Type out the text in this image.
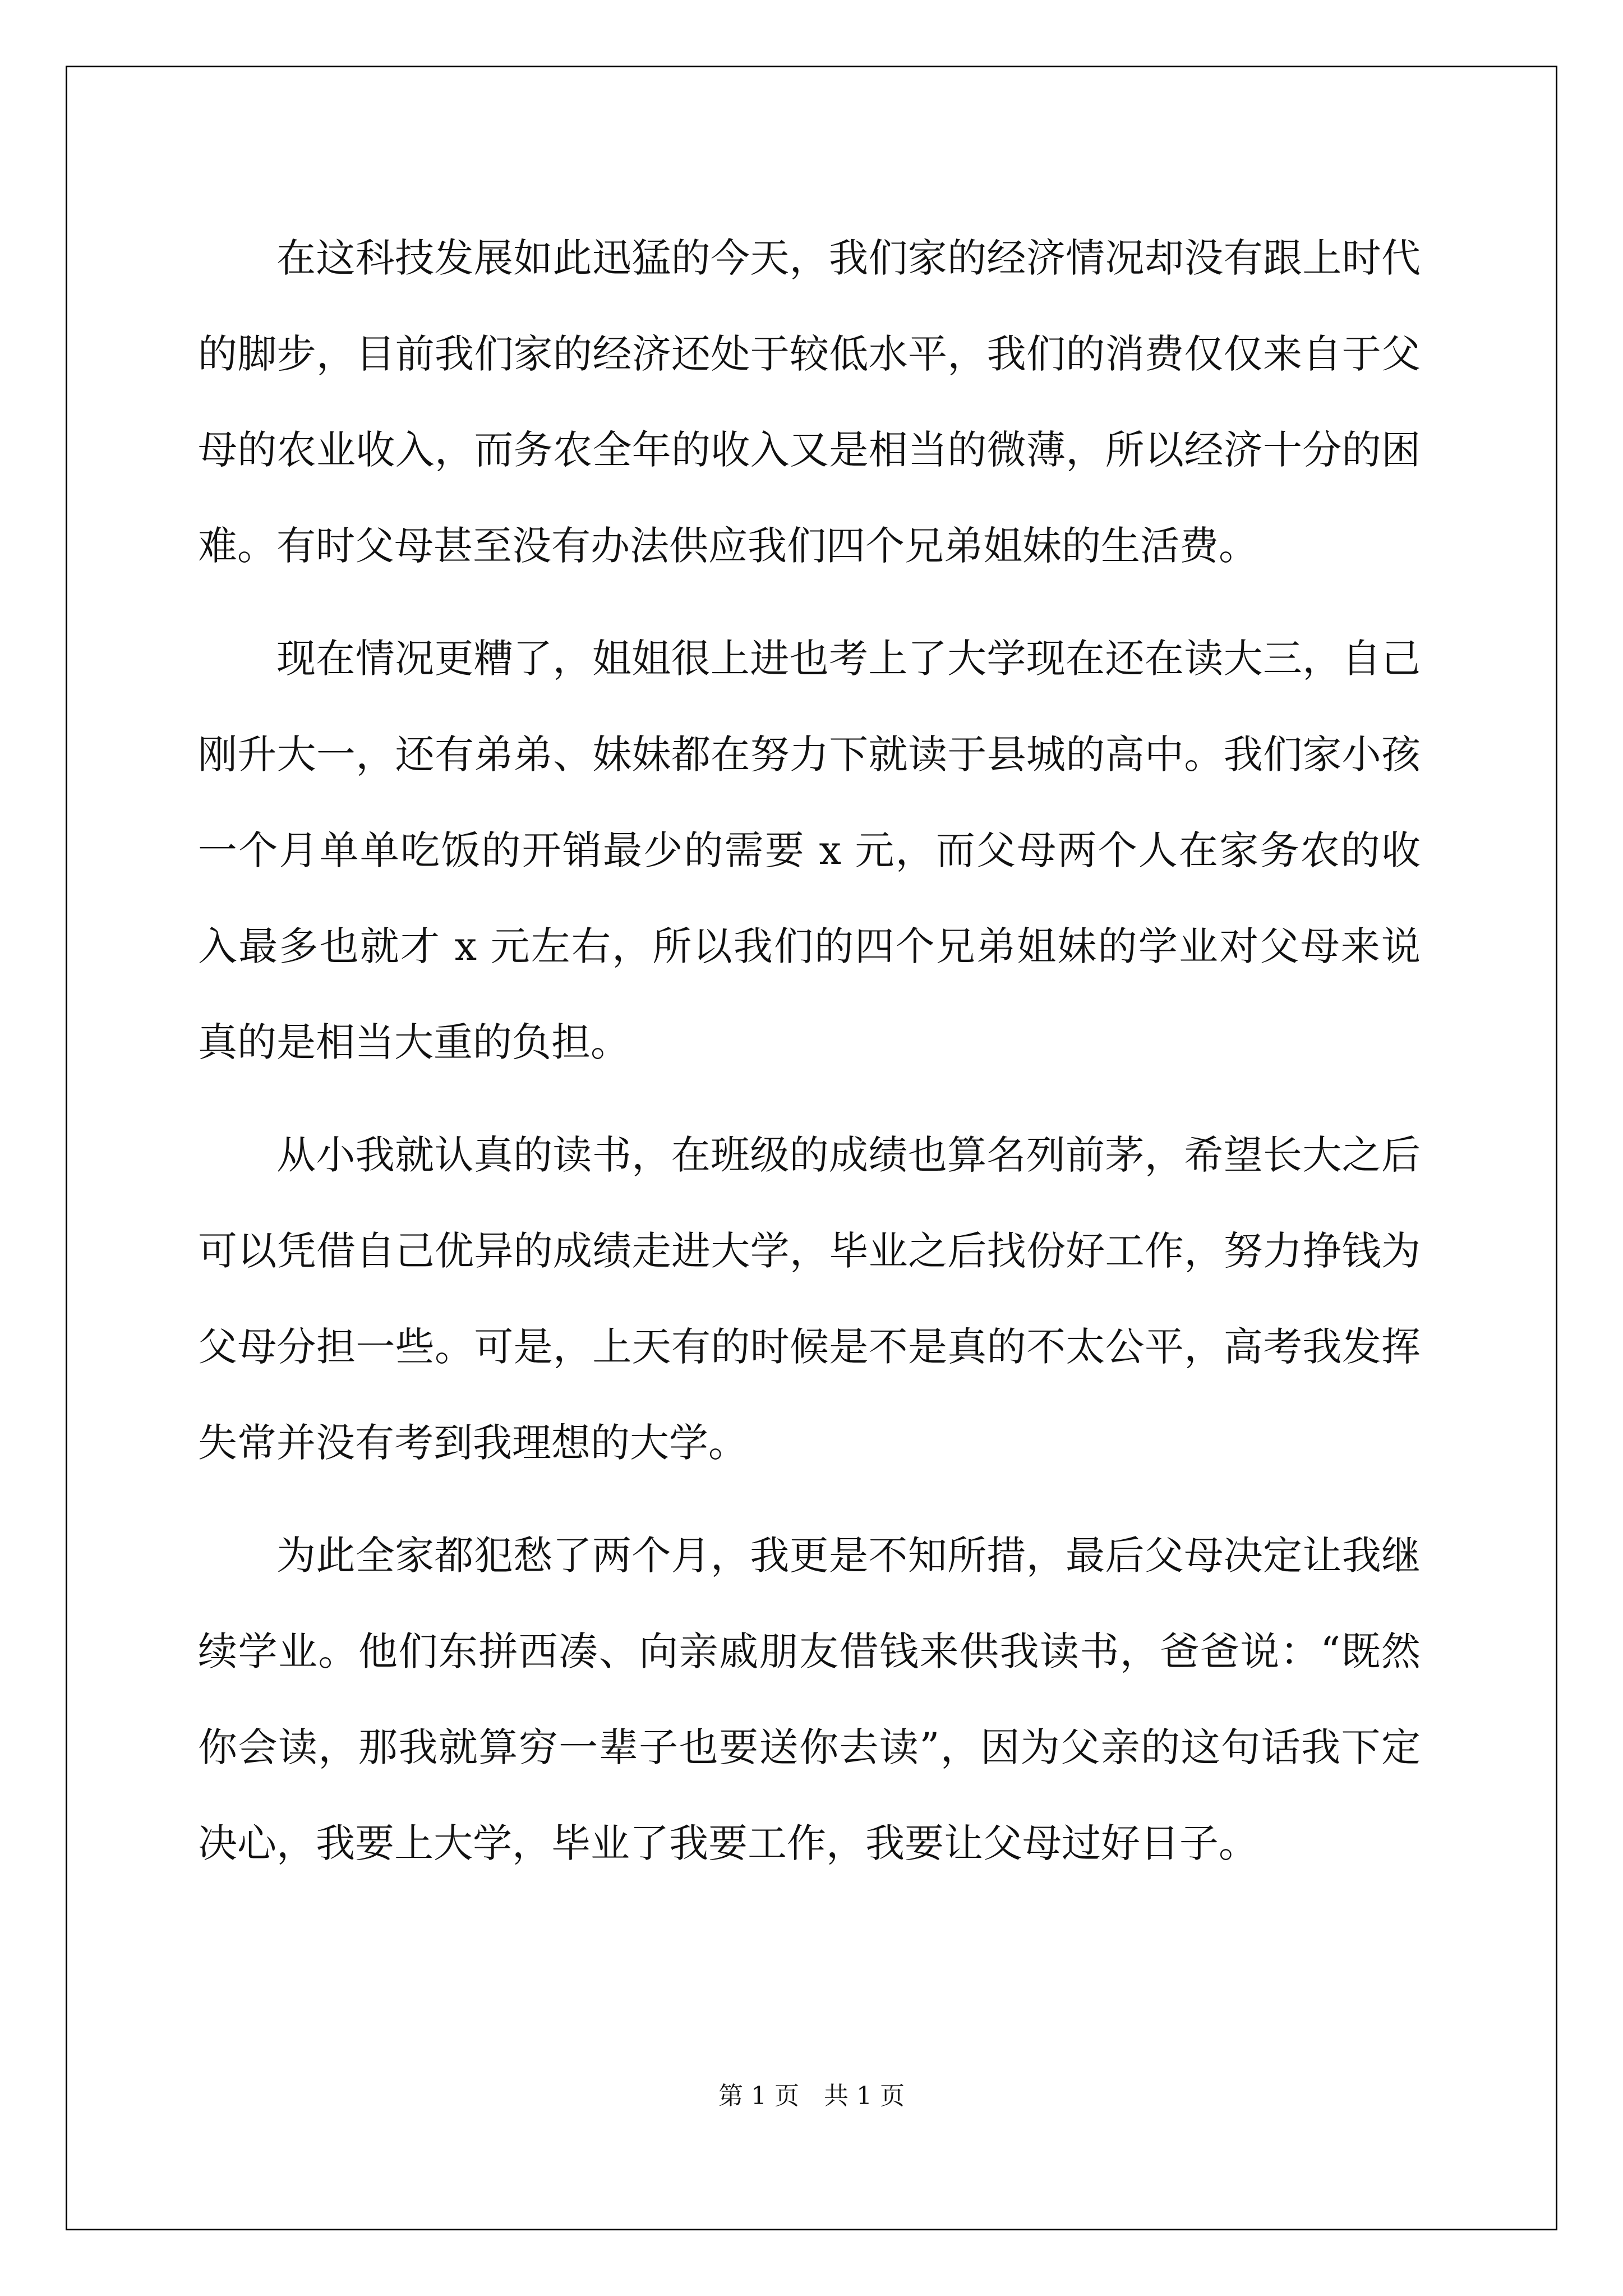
在这科技发展如此迅猛的今天，我们家的经济情况却没有跟上时代的脚步，目前我们家的经济还处于较低水平，我们的消费仅仅来自于父母的农业收入，而务农全年的收入又是相当的微薄，所以经济十分的困难。有时父母甚至没有办法供应我们四个兄弟姐妹的生活费。

现在情况更糟了，姐姐很上进也考上了大学现在还在读大三，自己刚升大一，还有弟弟、妹妹都在努力下就读于县城的高中。我们家小孩一个月单单吃饭的开销最少的需要 x 元，而父母两个人在家务农的收入最多也就才 x 元左右，所以我们的四个兄弟姐妹的学业对父母来说真的是相当大重的负担。

从小我就认真的读书，在班级的成绩也算名列前茅，希望长大之后可以凭借自己优异的成绩走进大学，毕业之后找份好工作，努力挣钱为父母分担一些。可是，上天有的时候是不是真的不太公平，高考我发挥失常并没有考到我理想的大学。

为此全家都犯愁了两个月，我更是不知所措，最后父母决定让我继续学业。他们东拼西凑、向亲戚朋友借钱来供我读书，爸爸说：“既然你会读，那我就算穷一辈子也要送你去读”，因为父亲的这句话我下定决心，我要上大学，毕业了我要工作，我要让父母过好日子。

第 1 页　共 1 页
